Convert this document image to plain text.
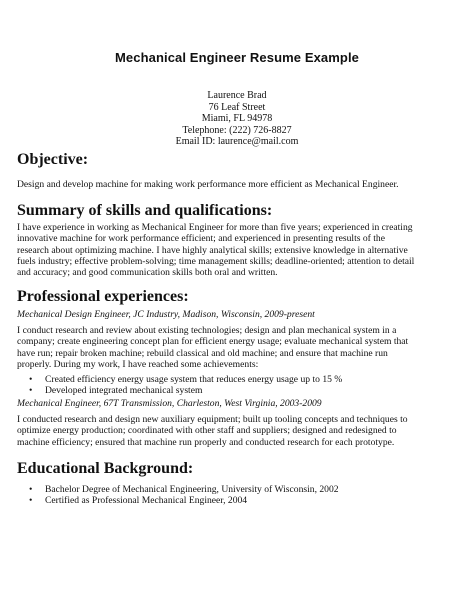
Mechanical Engineer Resume Example
Laurence Brad
76 Leaf Street
Miami, FL 94978
Telephone: (222) 726-8827
Email ID: laurence@mail.com
Objective:

Design and develop machine for making work performance more efficient as Mechanical Engineer.

Summary of skills and qualifications:

I have experience in working as Mechanical Engineer for more than five years; experienced in creating innovative machine for work performance efficient; and experienced in presenting results of the research about optimizing machine. I have highly analytical skills; extensive knowledge in alternative fuels industry; effective problem-solving; time management skills; deadline-oriented; attention to detail and accuracy; and good communication skills both oral and written.

Professional experiences:

Mechanical Design Engineer, JC Industry, Madison, Wisconsin, 2009-present

I conduct research and review about existing technologies; design and plan mechanical system in a company; create engineering concept plan for efficient energy usage; evaluate mechanical system that have run; repair broken machine; rebuild classical and old machine; and ensure that machine run properly. During my work, I have reached some achievements:

• Created efficiency energy usage system that reduces energy usage up to 15 %
• Developed integrated mechanical system

Mechanical Engineer, 67T Transmission, Charleston, West Virginia, 2003-2009

I conducted research and design new auxiliary equipment; built up tooling concepts and techniques to optimize energy production; coordinated with other staff and suppliers; designed and redesigned to machine efficiency; ensured that machine run properly and conducted research for each prototype.

Educational Background:
• Bachelor Degree of Mechanical Engineering, University of Wisconsin, 2002
• Certified as Professional Mechanical Engineer, 2004
